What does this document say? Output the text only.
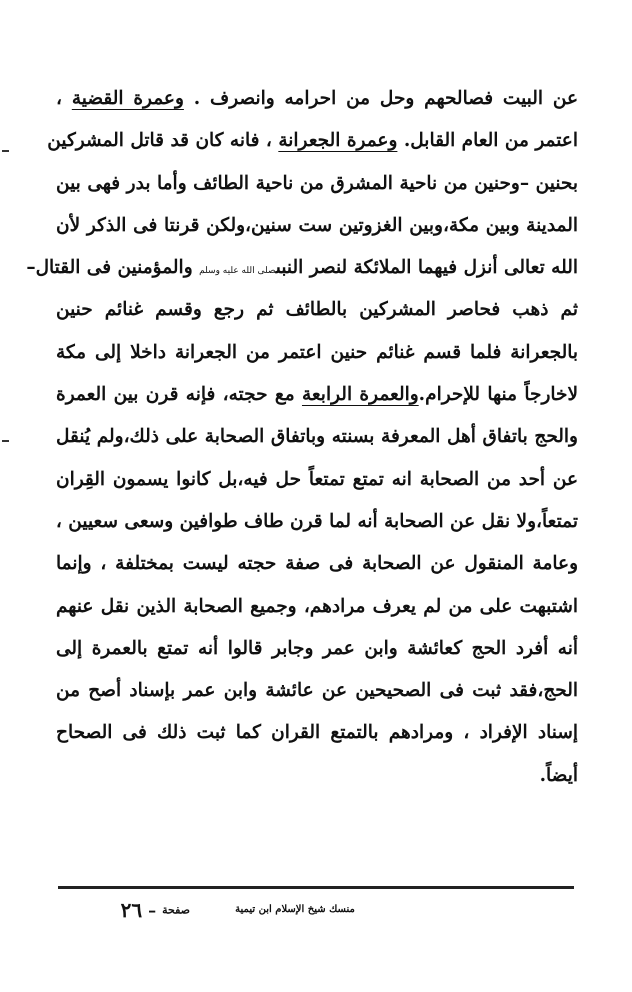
عن البيت فصالحهم وحل من احرامه وانصرف . وعمرة القضية ،
اعتمر من العام القابل. وعمرة الجعرانة ، فانه كان قد قاتل المشركين
بحنين –وحنين من ناحية المشرق من ناحية الطائف وأما بدر فهى بين
المدينة وبين مكة،وبين الغزوتين ست سنين،ولكن قرنتا فى الذكر لأن
الله تعالى أنزل فيهما الملائكة لنصر النبىصلى الله عليه وسلم والمؤمنين فى القتال–
ثم ذهب فحاصر المشركين بالطائف ثم رجع وقسم غنائم حنين
بالجعرانة فلما قسم غنائم حنين اعتمر من الجعرانة داخلا إلى مكة
لاخارجاً منها للإحرام.والعمرة الرابعة مع حجته، فإنه قرن بين العمرة
والحج باتفاق أهل المعرفة بسنته وباتفاق الصحابة على ذلك،ولم يُنقل
عن أحد من الصحابة انه تمتع تمتعاً حل فيه،بل كانوا يسمون القِران
تمتعاً،ولا نقل عن الصحابة أنه لما قرن طاف طوافين وسعى سعيين ،
وعامة المنقول عن الصحابة فى صفة حجته ليست بمختلفة ، وإنما
اشتبهت على من لم يعرف مرادهم، وجميع الصحابة الذين نقل عنهم
أنه أفرد الحج كعائشة وابن عمر وجابر قالوا أنه تمتع بالعمرة إلى
الحج،فقد ثبت فى الصحيحين عن عائشة وابن عمر بإسناد أصح من
إسناد الإفراد ، ومرادهم بالتمتع القران كما ثبت ذلك فى الصحاح
أيضاً.
منسك شيخ الإسلام ابن تيمية
صفحة–٢٦
